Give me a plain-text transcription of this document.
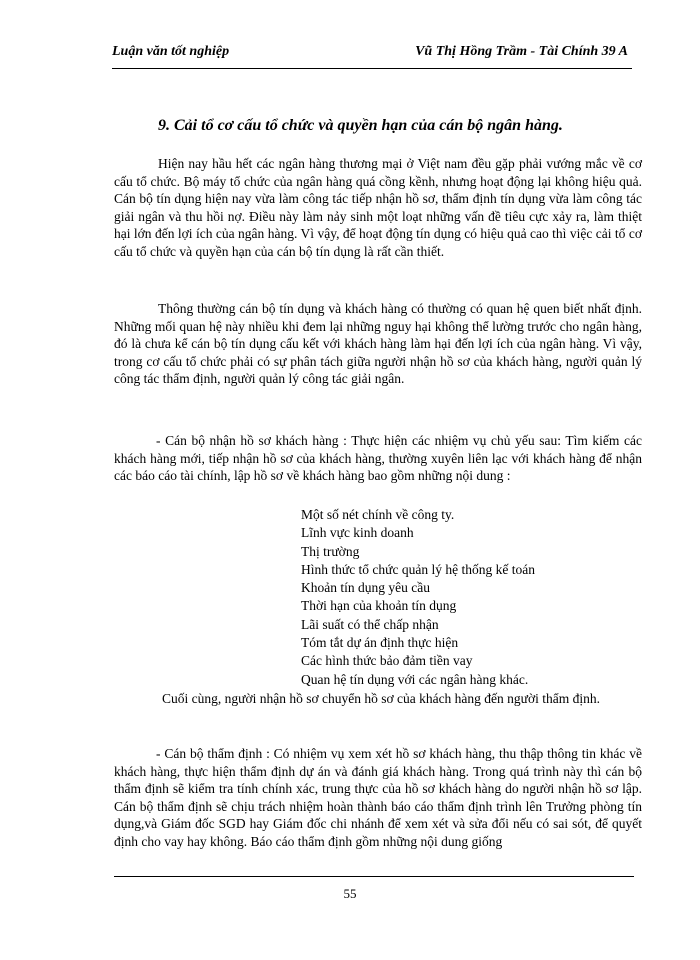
Luận văn tốt nghiệp	Vũ Thị Hồng Trầm - Tài Chính 39 A
9. Cải tổ cơ cấu tổ chức và quyền hạn của cán bộ ngân hàng.

Hiện nay hầu hết các ngân hàng thương mại ở Việt nam đều gặp phải vướng mắc về cơ cấu tổ chức. Bộ máy tổ chức của ngân hàng quá cồng kềnh, nhưng hoạt động lại không hiệu quả. Cán bộ tín dụng hiện nay vừa làm công tác tiếp nhận hồ sơ, thẩm định tín dụng vừa làm công tác giải ngân và thu hồi nợ. Điều này làm nảy sinh một loạt những vấn đề tiêu cực xảy ra, làm thiệt hại lớn đến lợi ích của ngân hàng. Vì vậy, để hoạt động tín dụng có hiệu quả cao thì việc cải tổ cơ cấu tổ chức và quyền hạn của cán bộ tín dụng là rất cần thiết.

Thông thường cán bộ tín dụng và khách hàng có thường có quan hệ quen biết nhất định. Những mối quan hệ này nhiều khi đem lại những nguy hại không thể lường trước cho ngân hàng, đó là chưa kể cán bộ tín dụng cấu kết với khách hàng làm hại đến lợi ích của ngân hàng. Vì vậy, trong cơ cấu tổ chức phải có sự phân tách giữa người nhận hồ sơ của khách hàng, người quản lý công tác thẩm định, người quản lý công tác giải ngân.

- Cán bộ nhận hồ sơ khách hàng : Thực hiện các nhiệm vụ chủ yếu sau: Tìm kiếm các khách hàng mới, tiếp nhận hồ sơ của khách hàng, thường xuyên liên lạc với khách hàng để nhận các báo cáo tài chính, lập hồ sơ về khách hàng bao gồm những nội dung :

Một số nét chính về công ty.
Lĩnh vực kinh doanh
Thị trường
Hình thức tổ chức quản lý hệ thống kế toán
Khoản tín dụng yêu cầu
Thời hạn của khoản tín dụng
Lãi suất có thể chấp nhận
Tóm tắt dự án định thực hiện
Các hình thức bảo đảm tiền vay
Quan hệ tín dụng với các ngân hàng khác.

Cuối cùng, người nhận hồ sơ chuyển hồ sơ của khách hàng đến người thẩm định.

- Cán bộ thẩm định : Có nhiệm vụ xem xét hồ sơ khách hàng, thu thập thông tin khác về khách hàng, thực hiện thẩm định dự án và đánh giá khách hàng. Trong quá trình này thì cán bộ thẩm định sẽ kiểm tra tính chính xác, trung thực của hồ sơ khách hàng do người nhận hồ sơ lập. Cán bộ thẩm định sẽ chịu trách nhiệm hoàn thành báo cáo thẩm định trình lên Trưởng phòng tín dụng,và Giám đốc SGD hay Giám đốc chi nhánh để xem xét và sửa đổi nếu có sai sót, để quyết định cho vay hay không. Báo cáo thẩm định gồm những nội dung giống

55
